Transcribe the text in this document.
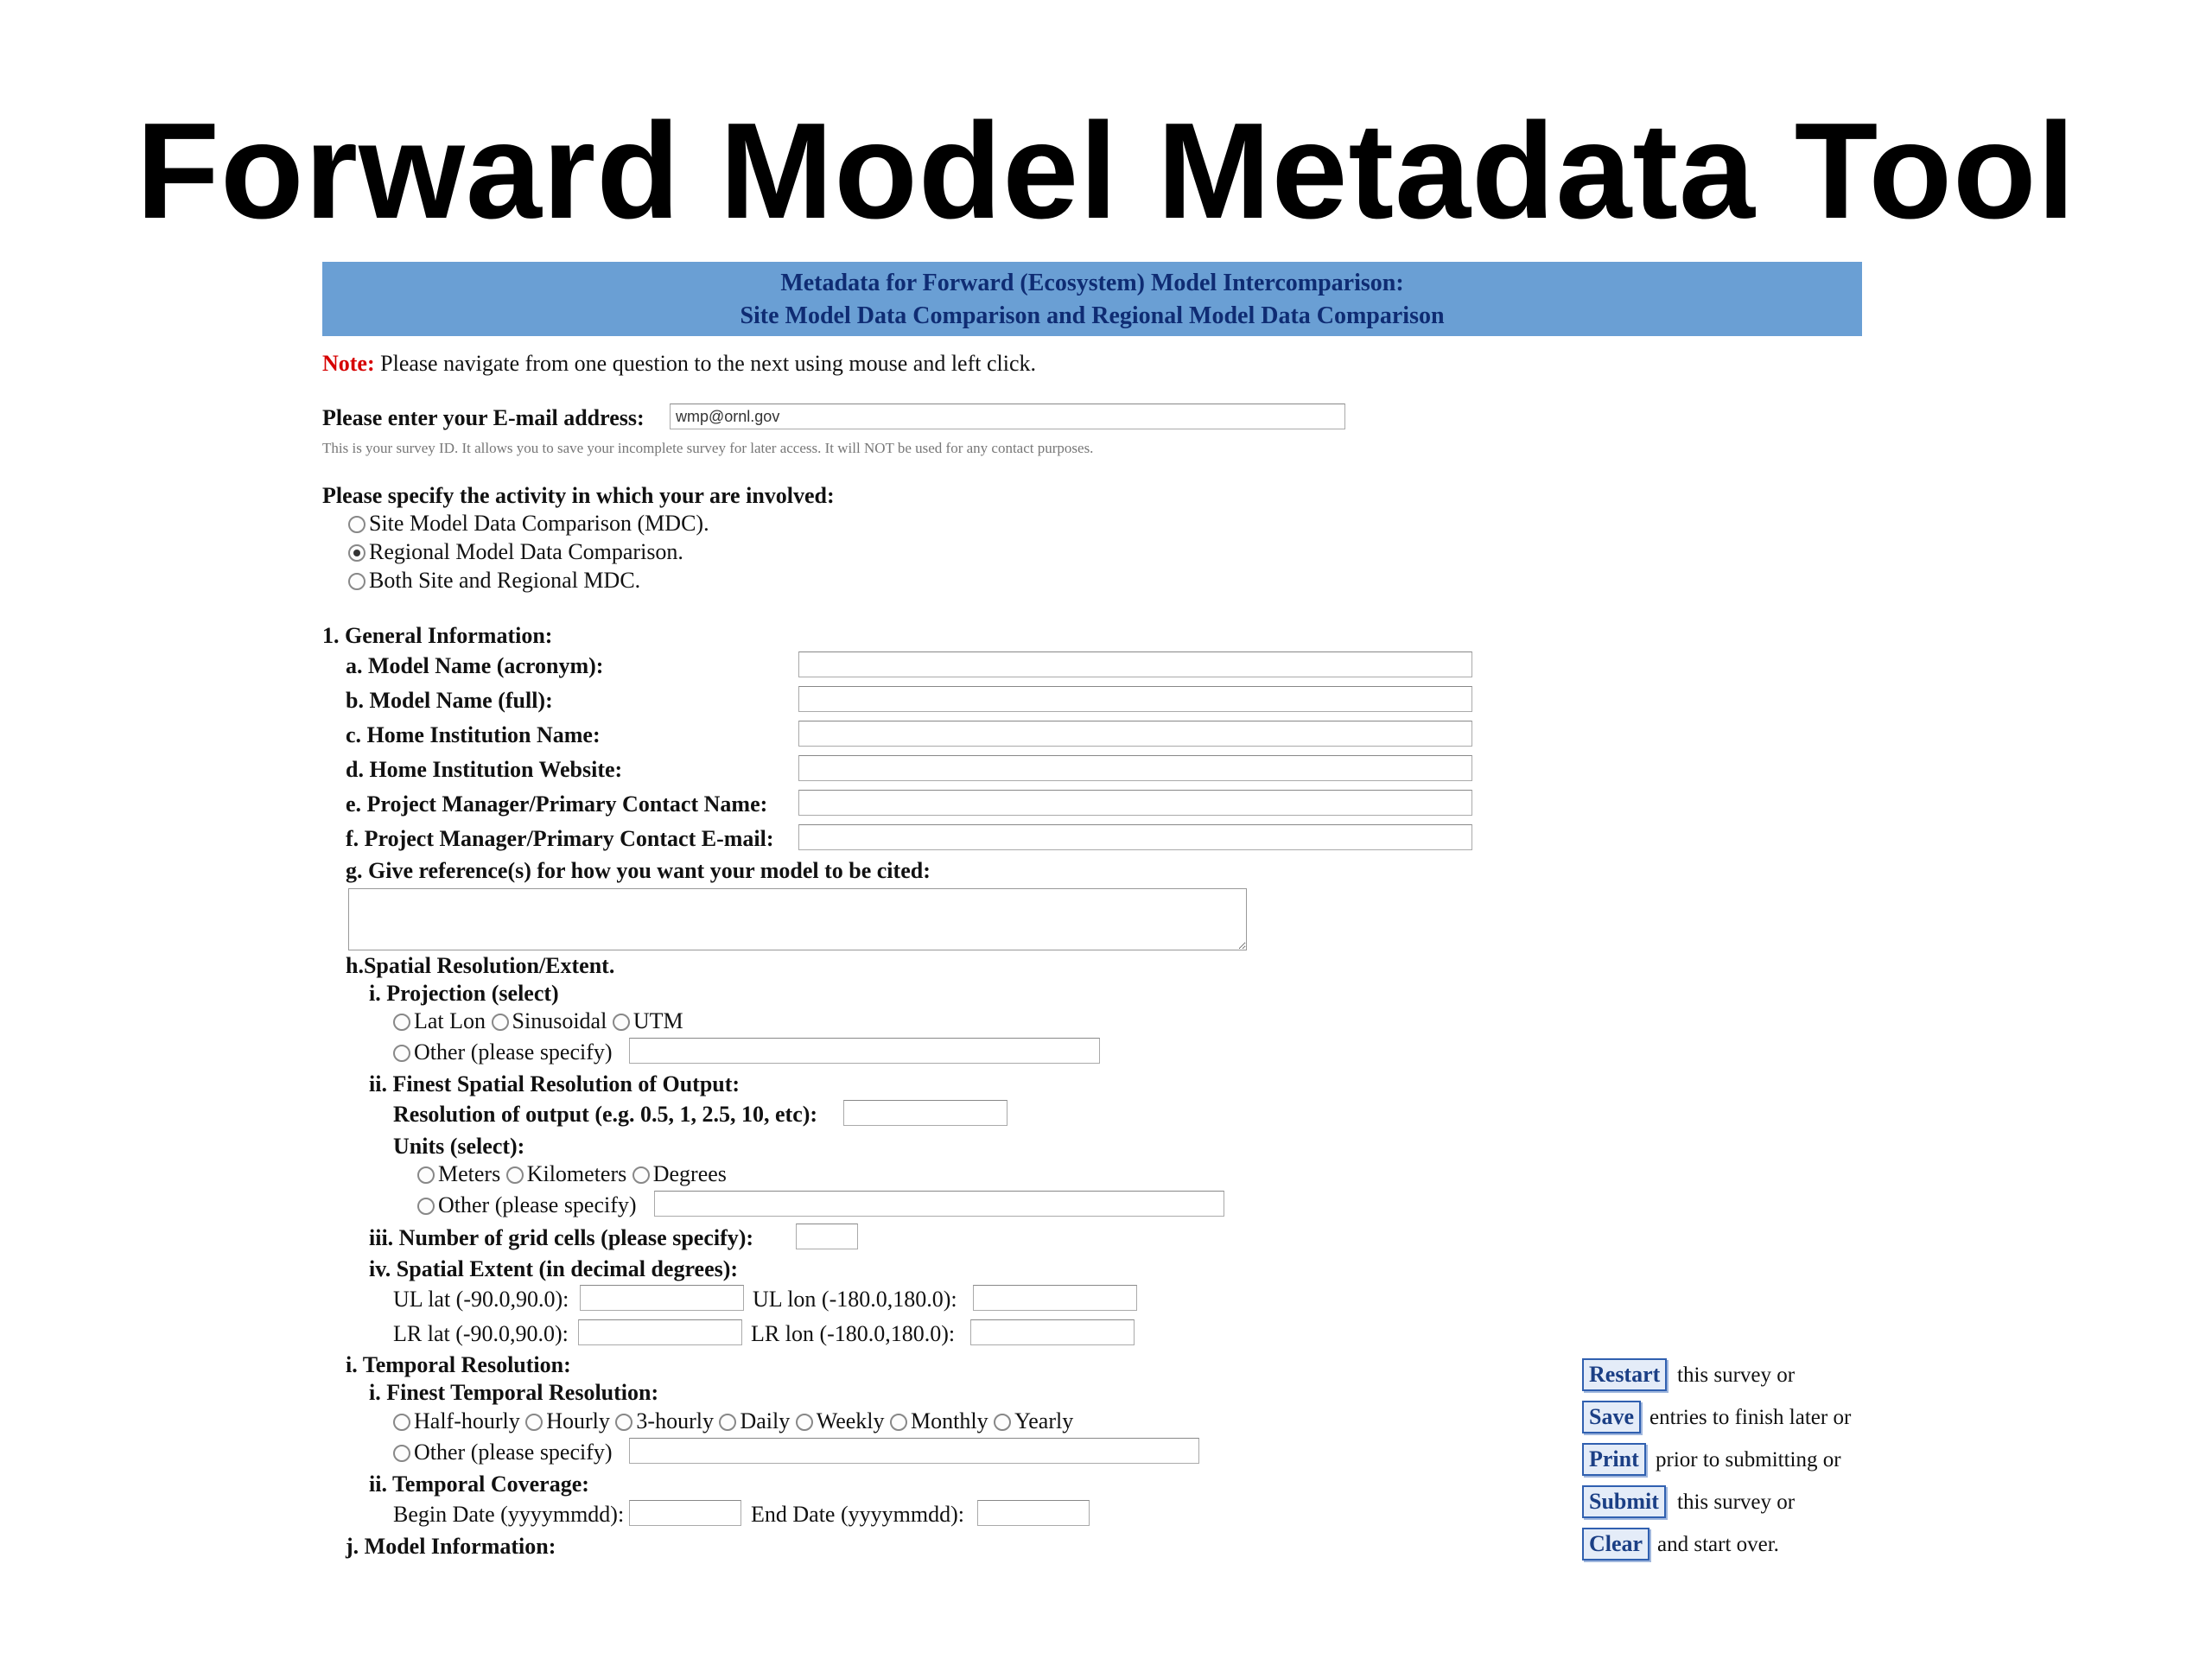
Forward Model Metadata Tool
Metadata for Forward (Ecosystem) Model Intercomparison:
Site Model Data Comparison and Regional Model Data Comparison
Note: Please navigate from one question to the next using mouse and left click.
Please enter your E-mail address:
wmp@ornl.gov
This is your survey ID. It allows you to save your incomplete survey for later access. It will NOT be used for any contact purposes.
Please specify the activity in which your are involved:
Site Model Data Comparison (MDC).
Regional Model Data Comparison.
Both Site and Regional MDC.
1. General Information:
a. Model Name (acronym):
b. Model Name (full):
c. Home Institution Name:
d. Home Institution Website:
e. Project Manager/Primary Contact Name:
f. Project Manager/Primary Contact E-mail:
g. Give reference(s) for how you want your model to be cited:
h.Spatial Resolution/Extent.
i. Projection (select)
Lat Lon Sinusoidal UTM
Other (please specify)
ii. Finest Spatial Resolution of Output:
Resolution of output (e.g. 0.5, 1, 2.5, 10, etc):
Units (select):
Meters Kilometers Degrees
Other (please specify)
iii. Number of grid cells (please specify):
iv. Spatial Extent (in decimal degrees):
UL lat (-90.0,90.0):	UL lon (-180.0,180.0):
LR lat (-90.0,90.0):	LR lon (-180.0,180.0):
i. Temporal Resolution:
i. Finest Temporal Resolution:
Half-hourly Hourly 3-hourly Daily Weekly Monthly Yearly
Other (please specify)
ii. Temporal Coverage:
Begin Date (yyyymmdd):	End Date (yyyymmdd):
j. Model Information:
Restart this survey or
Save entries to finish later or
Print prior to submitting or
Submit this survey or
Clear and start over.
